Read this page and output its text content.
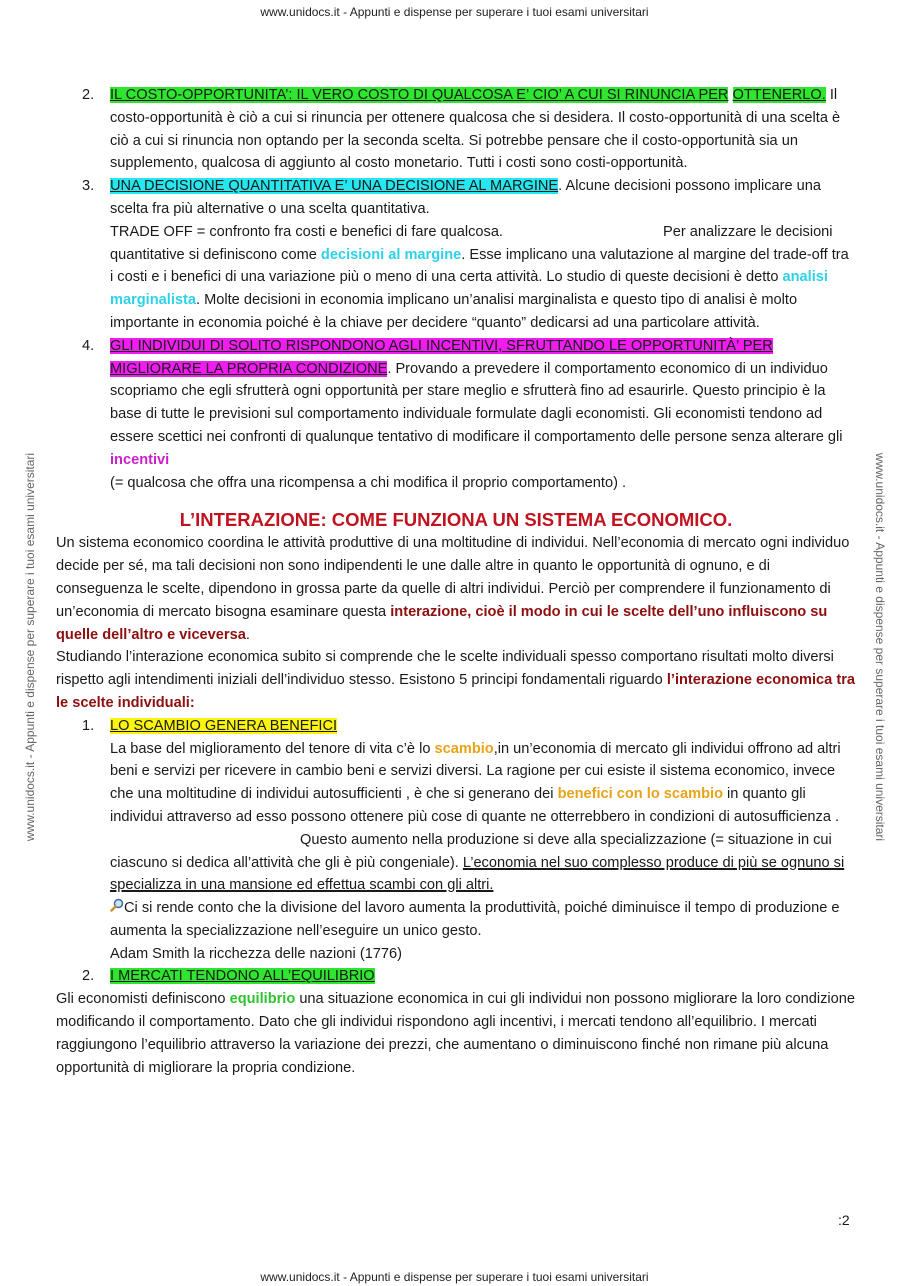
www.unidocs.it - Appunti e dispense per superare i tuoi esami universitari
www.unidocs.it - Appunti e dispense per superare i tuoi esami universitari	www.unidocs.it - Appunti e dispense per superare i tuoi esami universitari
2. IL COSTO-OPPORTUNITA’: IL VERO COSTO DI QUALCOSA E’ CIO’ A CUI SI RINUNCIA PER OTTENERLO. Il costo-opportunità è ciò a cui si rinuncia per ottenere qualcosa che si desidera. Il costo-opportunità di una scelta è ciò a cui si rinuncia non optando per la seconda scelta. Si potrebbe pensare che il costo-opportunità sia un supplemento, qualcosa di aggiunto al costo monetario. Tutti i costi sono costi-opportunità.
3. UNA DECISIONE QUANTITATIVA E’ UNA DECISIONE AL MARGINE. Alcune decisioni possono implicare una scelta fra più alternative o una scelta quantitativa.
TRADE OFF = confronto fra costi e benefici di fare qualcosa.	Per analizzare le decisioni quantitative si definiscono come decisioni al margine. Esse implicano una valutazione al margine del trade-off tra i costi e i benefici di una variazione più o meno di una certa attività. Lo studio di queste decisioni è detto analisi marginalista. Molte decisioni in economia implicano un’analisi marginalista e questo tipo di analisi è molto importante in economia poiché è la chiave per decidere “quanto” dedicarsi ad una particolare attività.
4. GLI INDIVIDUI DI SOLITO RISPONDONO AGLI INCENTIVI, SFRUTTANDO LE OPPORTUNITÀ’ PER MIGLIORARE LA PROPRIA CONDIZIONE. Provando a prevedere il comportamento economico di un individuo scopriamo che egli sfrutterà ogni opportunità per stare meglio e sfrutterà fino ad esaurirle. Questo principio è la base di tutte le previsioni sul comportamento individuale formulate dagli economisti. Gli economisti tendono ad essere scettici nei confronti di qualunque tentativo di modificare il comportamento delle persone senza alterare gli incentivi
(= qualcosa che offra una ricompensa a chi modifica il proprio comportamento) .
L’INTERAZIONE: COME FUNZIONA UN SISTEMA ECONOMICO.
Un sistema economico coordina le attività produttive di una moltitudine di individui. Nell’economia di mercato ogni individuo decide per sé, ma tali decisioni non sono indipendenti le une dalle altre in quanto le opportunità di ognuno, e di conseguenza le scelte, dipendono in grossa parte da quelle di altri individui. Perciò per comprendere il funzionamento di un’economia di mercato bisogna esaminare questa interazione, cioè il modo in cui le scelte dell’uno influiscono su quelle dell’altro e viceversa.
Studiando l’interazione economica subito si comprende che le scelte individuali spesso comportano risultati molto diversi rispetto agli intendimenti iniziali dell’individuo stesso. Esistono 5 principi fondamentali riguardo l’interazione economica tra le scelte individuali:
1. LO SCAMBIO GENERA BENEFICI
La base del miglioramento del tenore di vita c’è lo scambio,in un’economia di mercato gli individui offrono ad altri beni e servizi per ricevere in cambio beni e servizi diversi. La ragione per cui esiste il sistema economico, invece che una moltitudine di individui autosufficienti , è che si generano dei benefici con lo scambio in quanto gli individui attraverso ad esso possono ottenere più cose di quante ne otterrebbero in condizioni di autosufficienza .Questo aumento nella produzione si deve alla specializzazione (= situazione in cui ciascuno si dedica all’attività che gli è più congeniale). L’economia nel suo complesso produce di più se ognuno si specializza in una mansione ed effettua scambi con gli altri.
Ci si rende conto che la divisione del lavoro aumenta la produttività, poiché diminuisce il tempo di produzione e aumenta la specializzazione nell’eseguire un unico gesto.
Adam Smith la ricchezza delle nazioni (1776)
2. I MERCATI TENDONO ALL’EQUILIBRIO
Gli economisti definiscono equilibrio una situazione economica in cui gli individui non possono migliorare la loro condizione modificando il comportamento. Dato che gli individui rispondono agli incentivi, i mercati tendono all’equilibrio. I mercati raggiungono l’equilibrio attraverso la variazione dei prezzi, che aumentano o diminuiscono finché non rimane più alcuna opportunità di migliorare la propria condizione.
:2
www.unidocs.it - Appunti e dispense per superare i tuoi esami universitari
